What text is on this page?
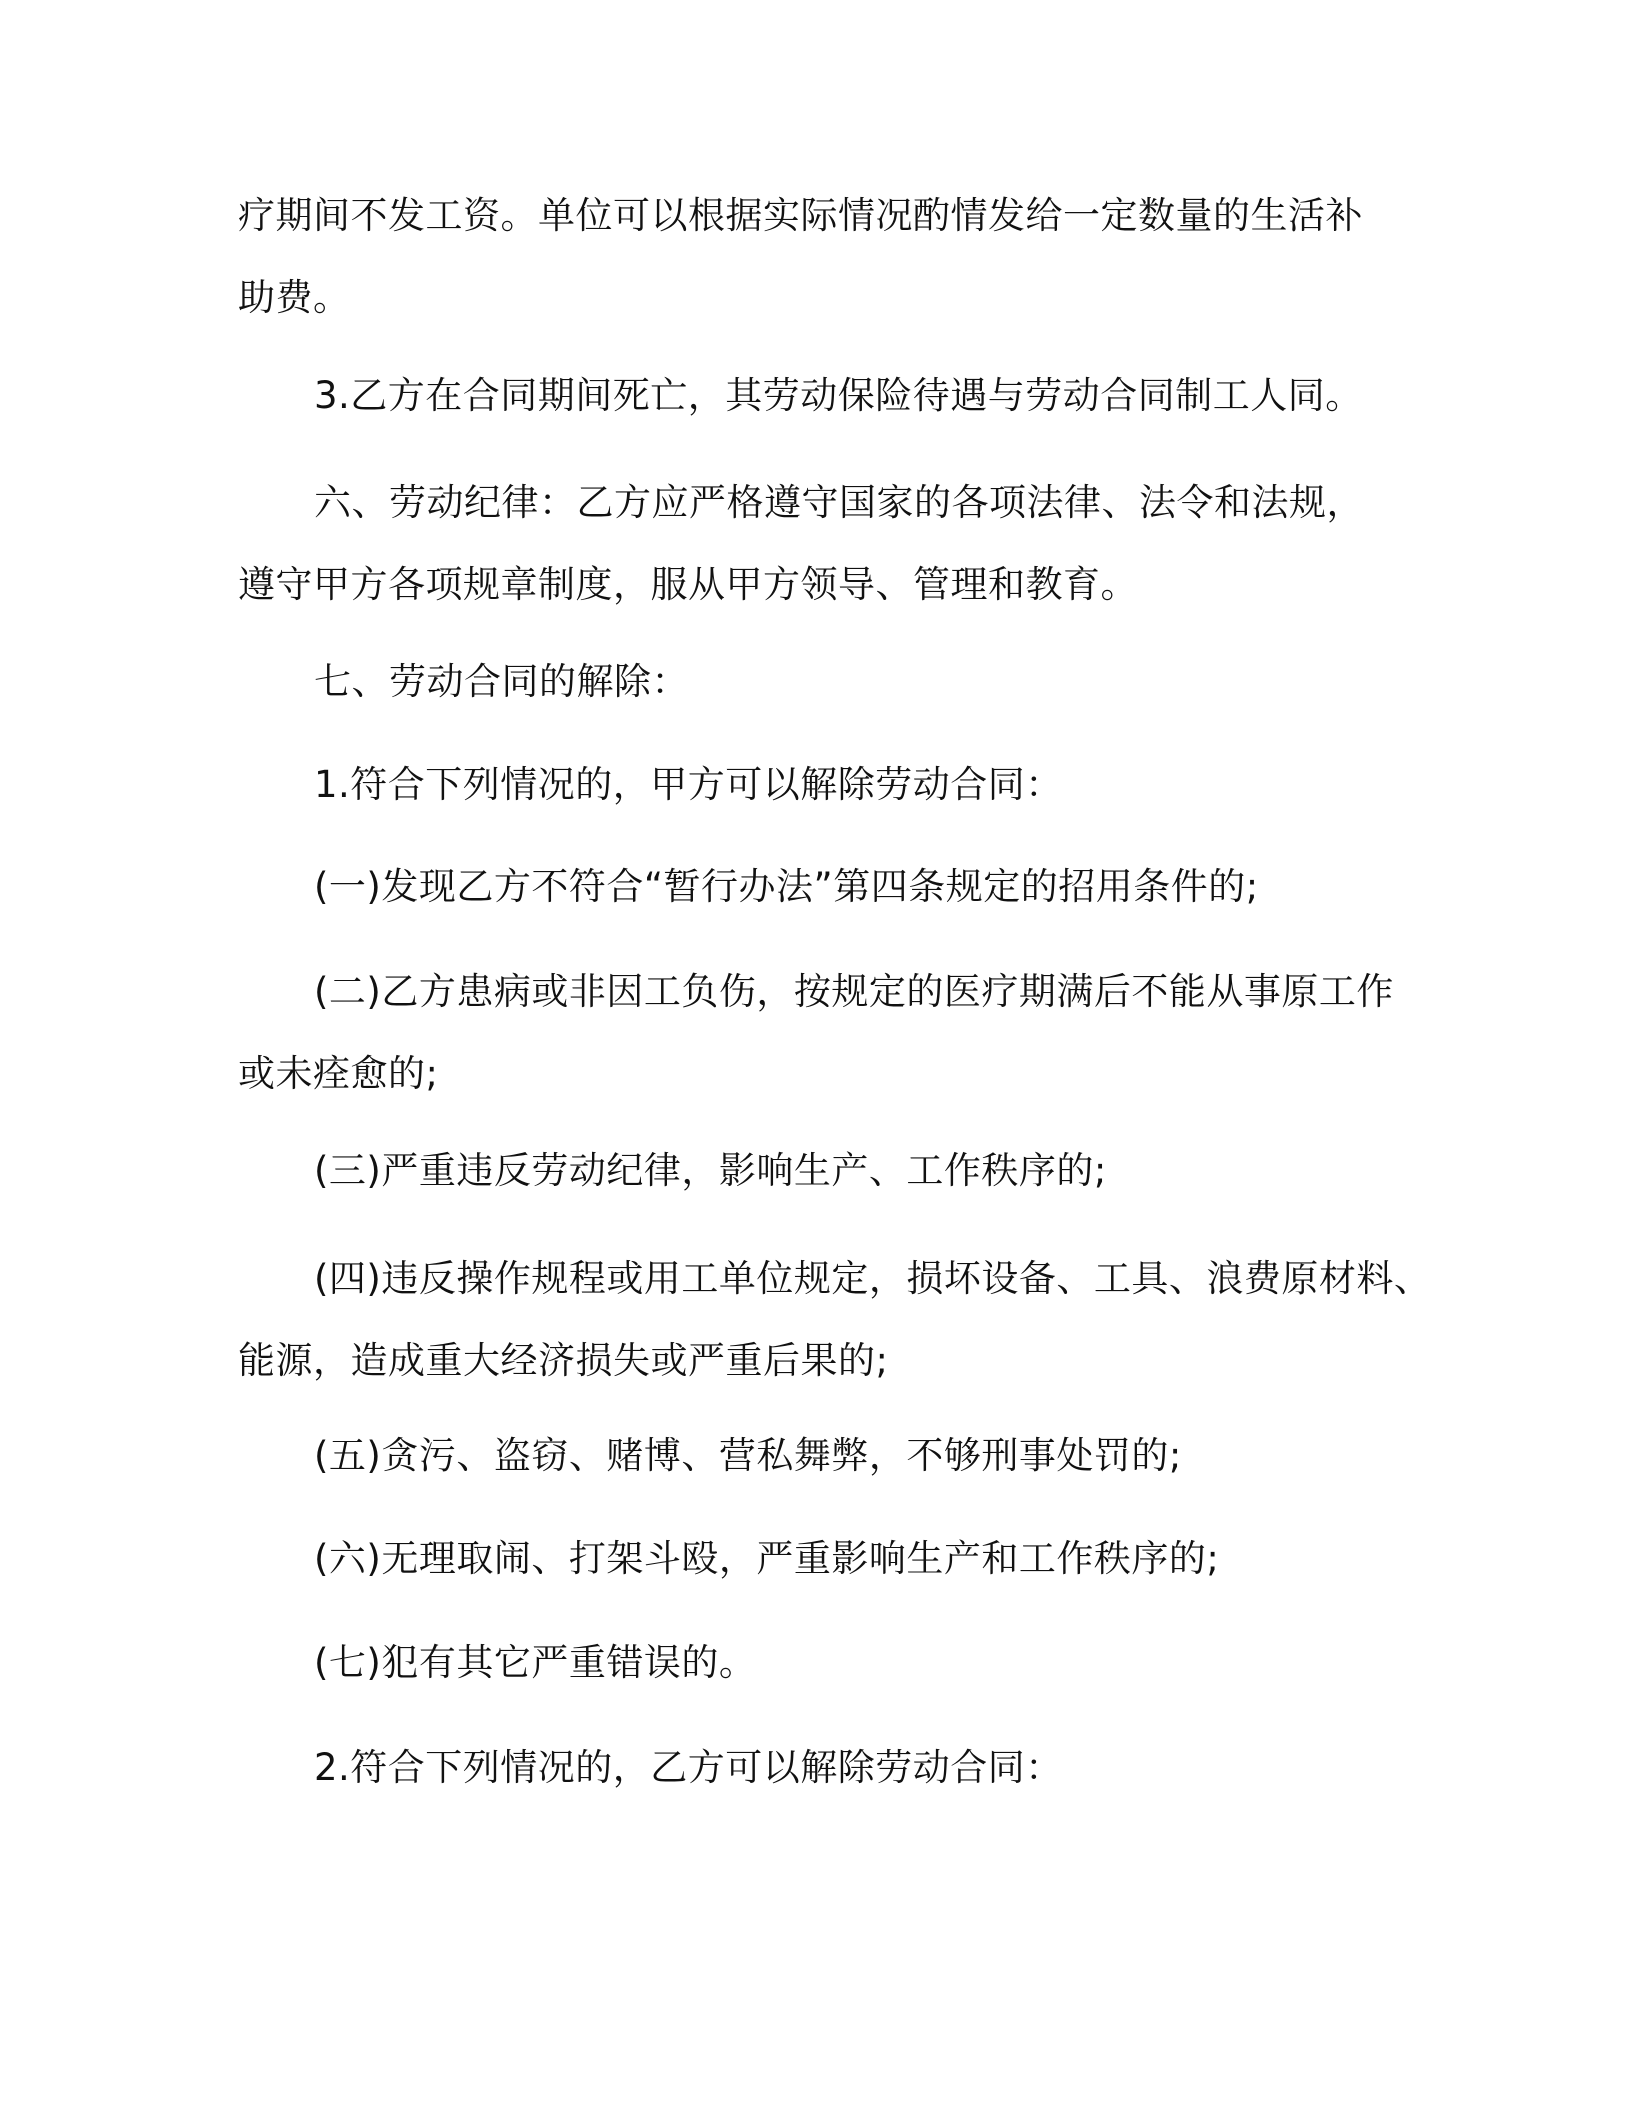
疗期间不发工资。单位可以根据实际情况酌情发给一定数量的生活补
助费。

3.乙方在合同期间死亡，其劳动保险待遇与劳动合同制工人同。

六、劳动纪律：乙方应严格遵守国家的各项法律、法令和法规，
遵守甲方各项规章制度，服从甲方领导、管理和教育。

七、劳动合同的解除：

1.符合下列情况的，甲方可以解除劳动合同：

(一)发现乙方不符合“暂行办法”第四条规定的招用条件的;

(二)乙方患病或非因工负伤，按规定的医疗期满后不能从事原工作
或未痊愈的;

(三)严重违反劳动纪律，影响生产、工作秩序的;

(四)违反操作规程或用工单位规定，损坏设备、工具、浪费原材料、
能源，造成重大经济损失或严重后果的;

(五)贪污、盗窃、赌博、营私舞弊，不够刑事处罚的;

(六)无理取闹、打架斗殴，严重影响生产和工作秩序的;

(七)犯有其它严重错误的。

2.符合下列情况的，乙方可以解除劳动合同：
